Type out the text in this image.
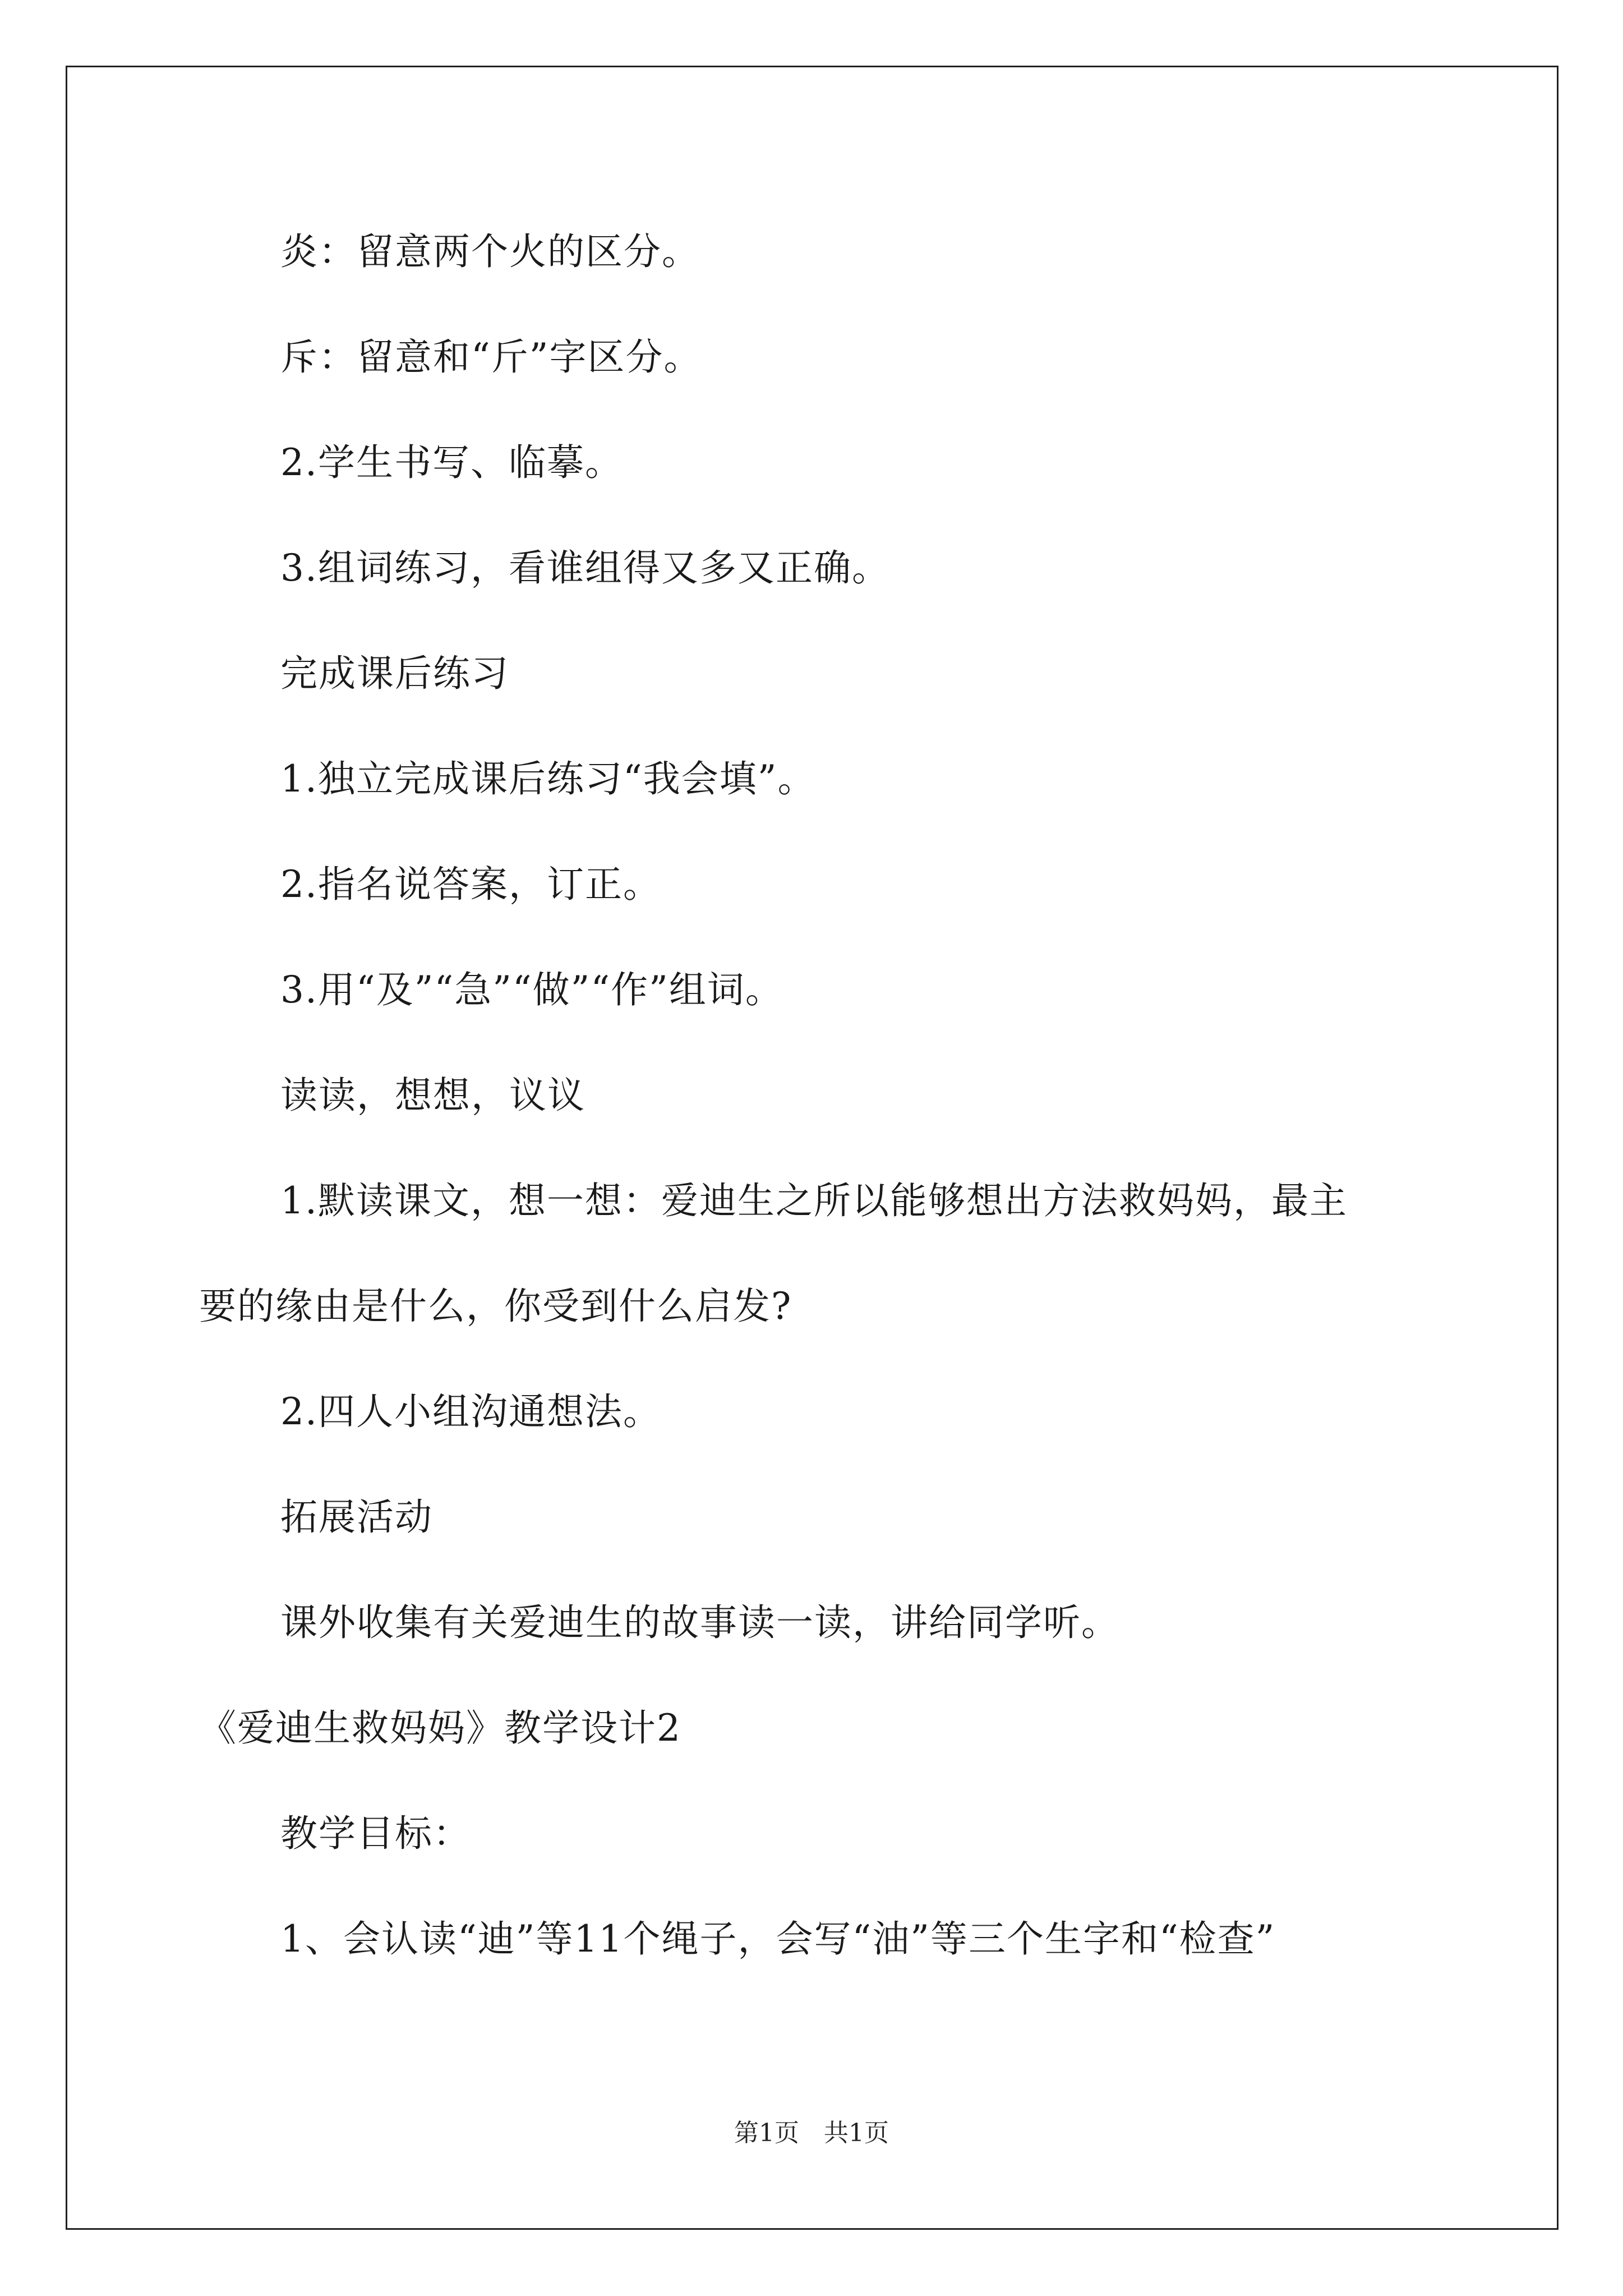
炎：留意两个火的区分。
斥：留意和“斤”字区分。
2.学生书写、临摹。
3.组词练习，看谁组得又多又正确。
完成课后练习
1.独立完成课后练习“我会填”。
2.指名说答案，订正。
3.用“及”“急”“做”“作”组词。
读读，想想，议议
1.默读课文，想一想：爱迪生之所以能够想出方法救妈妈，最主
要的缘由是什么，你受到什么启发?
2.四人小组沟通想法。
拓展活动
课外收集有关爱迪生的故事读一读，讲给同学听。
《爱迪生救妈妈》教学设计2
教学目标：
1、会认读“迪”等11个绳子，会写“油”等三个生字和“检查”
第1页　共1页
